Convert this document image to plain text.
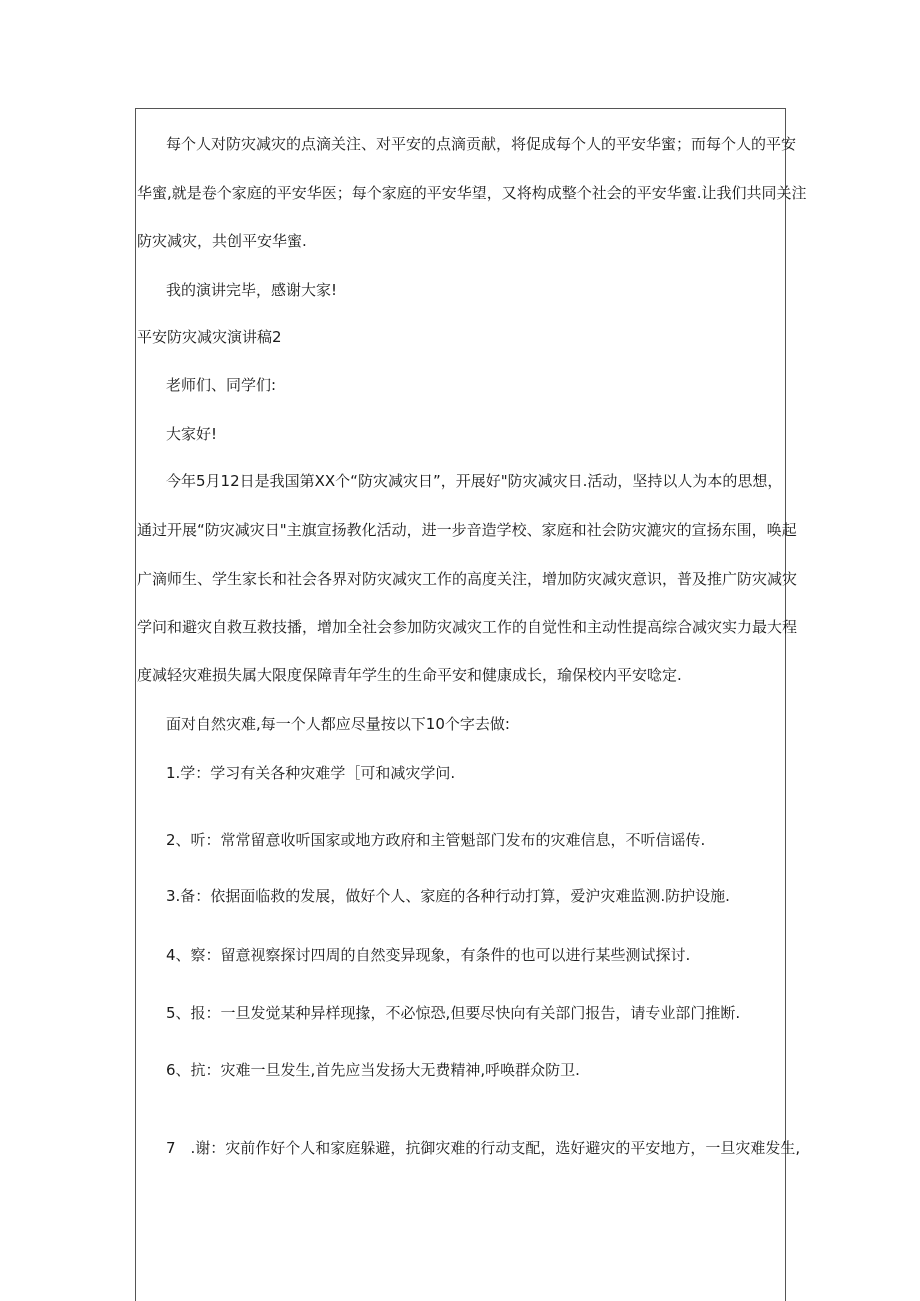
每个人对防灾减灾的点滴关注、对平安的点滴贡献，将促成每个人的平安华蜜；而每个人的平安
华蜜,就是卷个家庭的平安华医；每个家庭的平安华望，又将构成整个社会的平安华蜜.让我们共同关注
防灾减灾，共创平安华蜜.
我的演讲完毕，感谢大家!
平安防灾减灾演讲稿2
老师们、同学们:
大家好!
今年5月12日是我国第XX个“防灾减灾日”，开展好"防灾减灾日.活动，坚持以人为本的思想，
通过开展“防灾减灾日"主旗宣扬教化活动，进一步音造学校、家庭和社会防灾漉灾的宣扬东围，唤起
广滴师生、学生家长和社会各界对防灾减灾工作的高度关注，增加防灾减灾意识，普及推广防灾减灾
学问和避灾自救互救技播，增加全社会参加防灾减灾工作的自觉性和主动性提高综合减灾实力最大程
度减轻灾难损失属大限度保障青年学生的生命平安和健康成长，瑜保校内平安唸定.
面对自然灾难,每一个人都应尽量按以下10个字去做:
1.学：学习有关各种灾难学［可和减灾学问.
2、听：常常留意收听国家或地方政府和主管魁部门发布的灾难信息，不听信谣传.
3.备：依据面临救的发展，做好个人、家庭的各种行动打算，爱沪灾难监测.防护设施.
4、察：留意视察探讨四周的自然变异现象，有条件的也可以进行某些测试探讨.
5、报：一旦发觉某种异样现掾，不必惊恐,但要尽快向有关部门报告，请专业部门推断.
6、抗：灾难一旦发生,首先应当发扬大无费精神,呼唤群众防卫.
7　.谢：灾前作好个人和家庭躲避，抗御灾难的行动支配，选好避灾的平安地方，一旦灾难发生,
